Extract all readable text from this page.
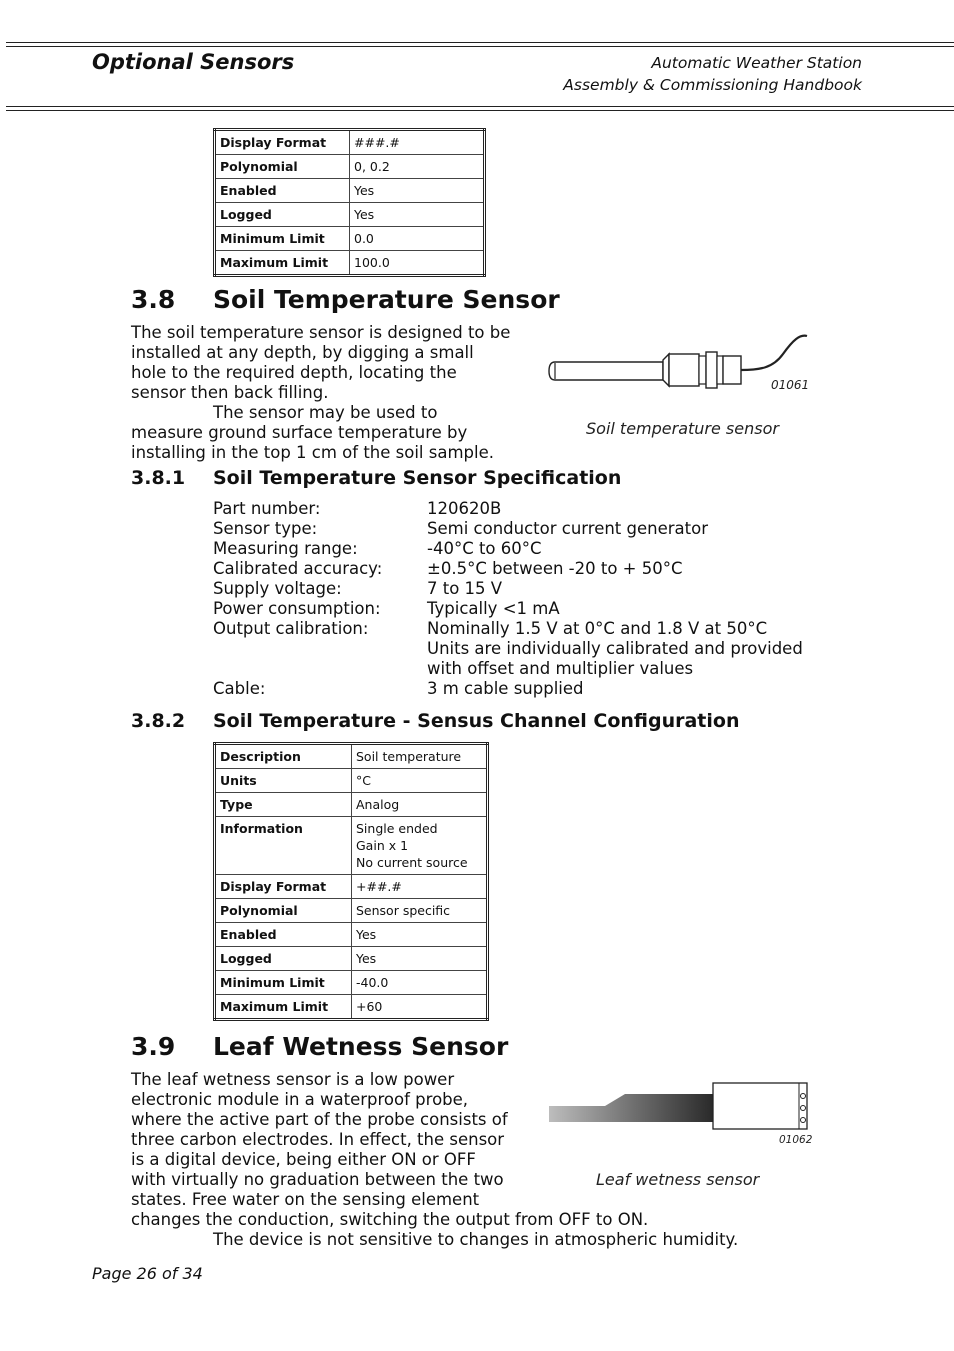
Optional Sensors	Automatic Weather Station
Assembly & Commissioning Handbook
Display Format	###.#
Polynomial	0, 0.2
Enabled	Yes
Logged	Yes
Minimum Limit	0.0
Maximum Limit	100.0
3.8 Soil Temperature Sensor
The soil temperature sensor is designed to be
installed at any depth, by digging a small
hole to the required depth, locating the
sensor then back filling.
The sensor may be used to
measure ground surface temperature by
installing in the top 1 cm of the soil sample.
01061
Soil temperature sensor
3.8.1 Soil Temperature Sensor Specification
Part number:	120620B
Sensor type:	Semi conductor current generator
Measuring range:	-40°C to 60°C
Calibrated accuracy:	±0.5°C between -20 to + 50°C
Supply voltage:	7 to 15 V
Power consumption:	Typically <1 mA
Output calibration:	Nominally 1.5 V at 0°C and 1.8 V at 50°C
Units are individually calibrated and provided
with offset and multiplier values
Cable:	3 m cable supplied
3.8.2 Soil Temperature - Sensus Channel Configuration
Description	Soil temperature

Units	°C

Type	Analog

Information	Single ended
Gain x 1
No current source

Display Format	+##.#

Polynomial	Sensor specific

Enabled	Yes

Logged	Yes

Minimum Limit	-40.0

Maximum Limit	+60
3.9 Leaf Wetness Sensor
The leaf wetness sensor is a low power
electronic module in a waterproof probe,
where the active part of the probe consists of
three carbon electrodes. In effect, the sensor
is a digital device, being either ON or OFF
with virtually no graduation between the two
states. Free water on the sensing element
changes the conduction, switching the output from OFF to ON.
The device is not sensitive to changes in atmospheric humidity.
01062
Leaf wetness sensor
Page 26 of 34
